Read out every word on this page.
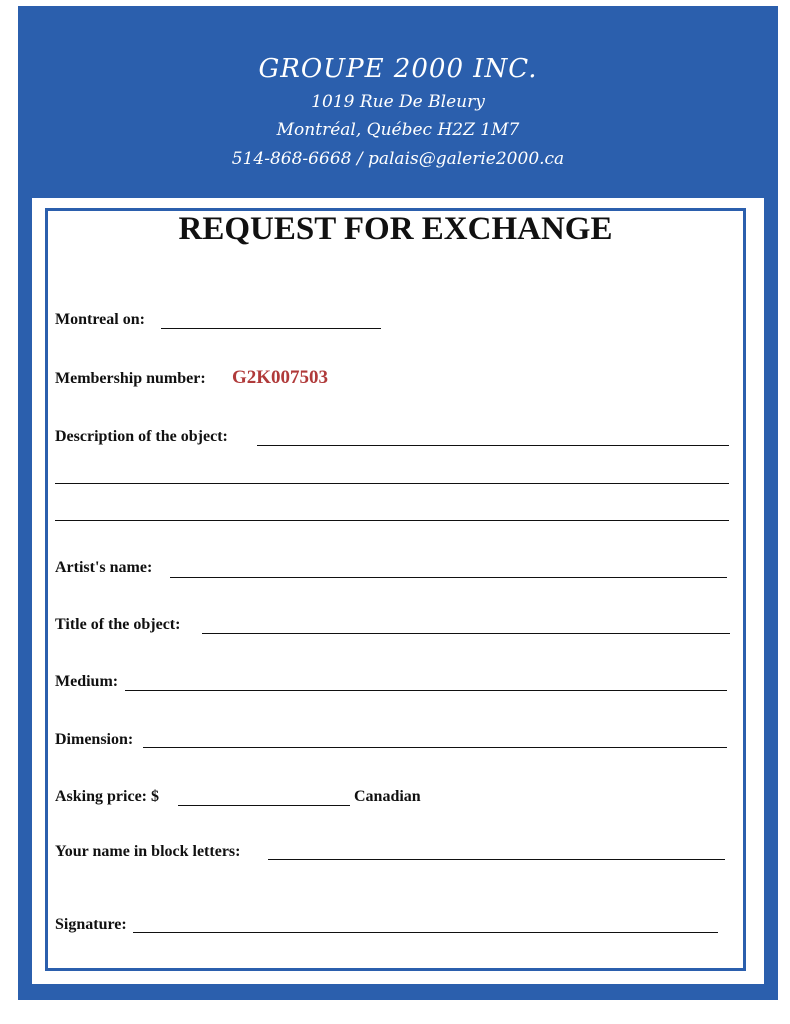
GROUPE 2000 INC.
1019 Rue De Bleury
Montréal, Québec H2Z 1M7
514-868-6668 / palais@galerie2000.ca
REQUEST FOR EXCHANGE
Montreal on:
Membership number: G2K007503
Description of the object:
Artist's name:
Title of the object:
Medium:
Dimension:
Asking price: $	Canadian
Your name in block letters:
Signature:
